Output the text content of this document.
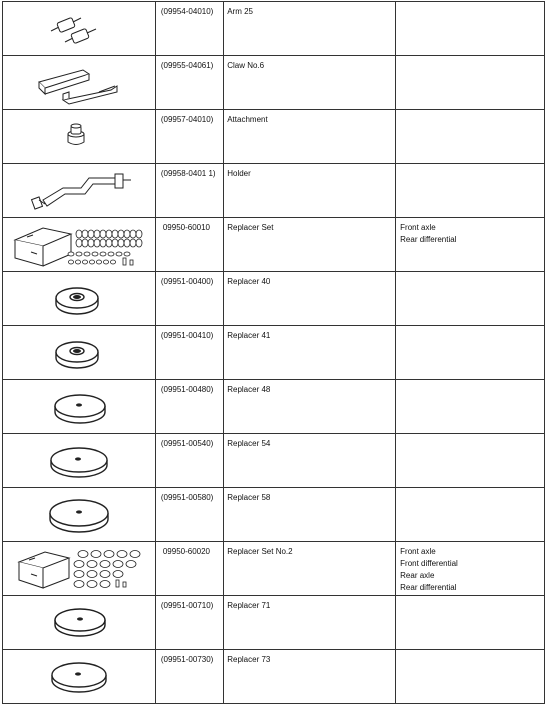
(09954-04010)	Arm 25	

(09955-04061)	Claw No.6	

(09957-04010)	Attachment	

(09958-0401 1)	Holder	

09950-60010	Replacer Set	Front axle
Rear differential

(09951-00400)	Replacer 40	

(09951-00410)	Replacer 41	

(09951-00480)	Replacer 48	

(09951-00540)	Replacer 54	

(09951-00580)	Replacer 58	

09950-60020	Replacer Set No.2	Front axle
Front differential
Rear axle
Rear differential

(09951-00710)	Replacer 71	

(09951-00730)	Replacer 73	
